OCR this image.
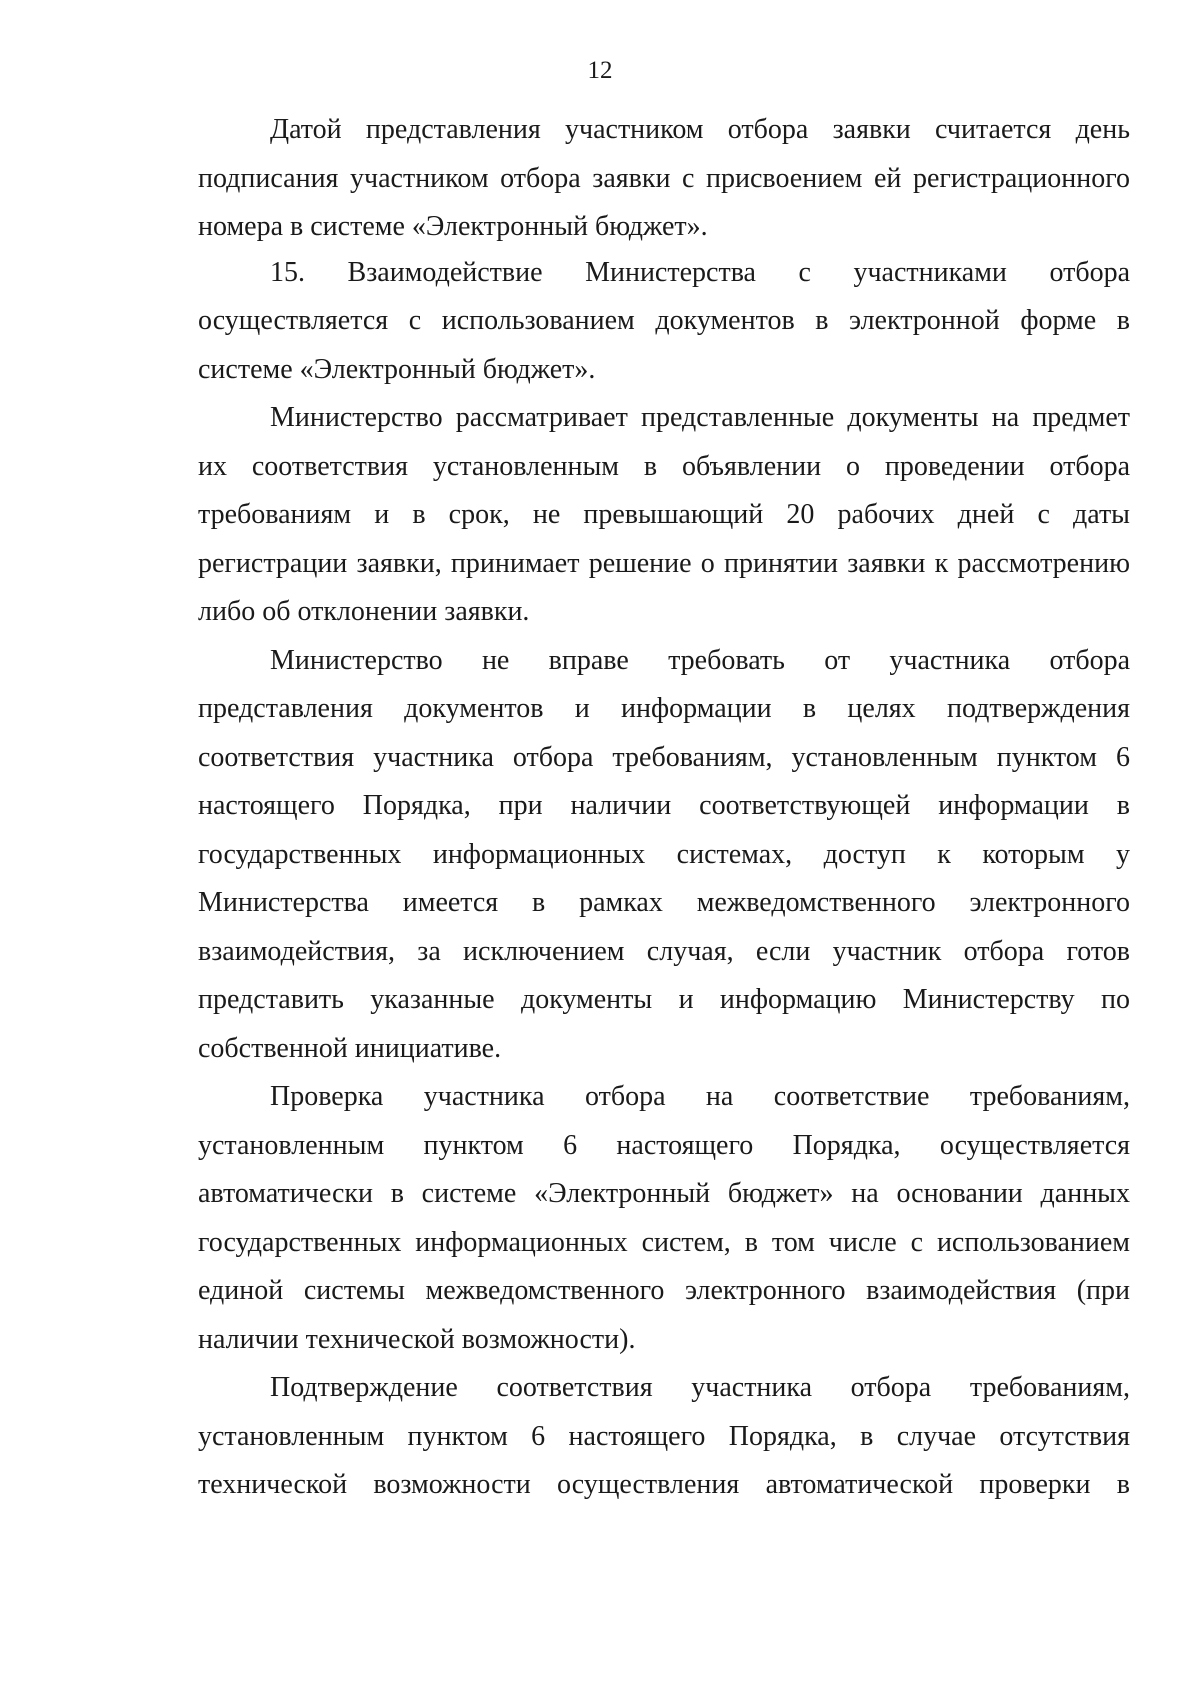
12
Датой представления участником отбора заявки считается день
подписания участником отбора заявки с присвоением ей регистрационного
номера в системе «Электронный бюджет».
15. Взаимодействие Министерства с участниками отбора
осуществляется с использованием документов в электронной форме в
системе «Электронный бюджет».
Министерство рассматривает представленные документы на предмет
их соответствия установленным в объявлении о проведении отбора
требованиям и в срок, не превышающий 20 рабочих дней с даты
регистрации заявки, принимает решение о принятии заявки к рассмотрению
либо об отклонении заявки.
Министерство не вправе требовать от участника отбора
представления документов и информации в целях подтверждения
соответствия участника отбора требованиям, установленным пунктом 6
настоящего Порядка, при наличии соответствующей информации в
государственных информационных системах, доступ к которым у
Министерства имеется в рамках межведомственного электронного
взаимодействия, за исключением случая, если участник отбора готов
представить указанные документы и информацию Министерству по
собственной инициативе.
Проверка участника отбора на соответствие требованиям,
установленным пунктом 6 настоящего Порядка, осуществляется
автоматически в системе «Электронный бюджет» на основании данных
государственных информационных систем, в том числе с использованием
единой системы межведомственного электронного взаимодействия (при
наличии технической возможности).
Подтверждение соответствия участника отбора требованиям,
установленным пунктом 6 настоящего Порядка, в случае отсутствия
технической возможности осуществления автоматической проверки в
